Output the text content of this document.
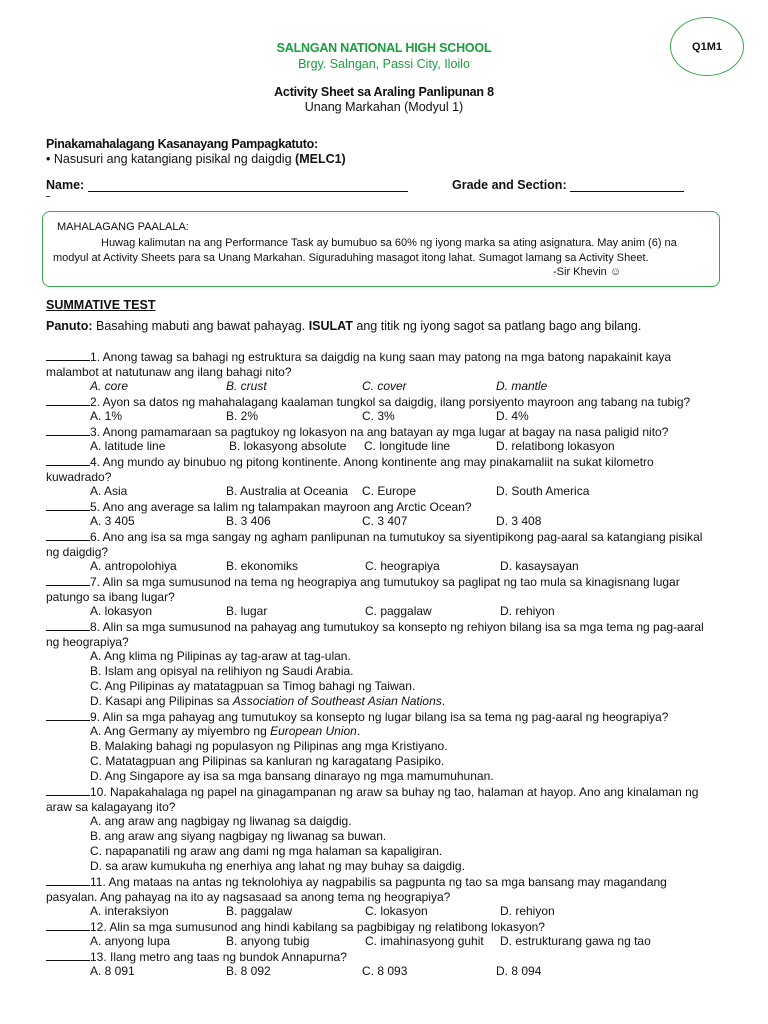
SALNGAN NATIONAL HIGH SCHOOL
Brgy. Salngan, Passi City, Iloilo
Activity Sheet sa Araling Panlipunan 8
Unang Markahan (Modyul 1)
Q1M1
Pinakamahalagang Kasanayang Pampagkatuto:
• Nasusuri ang katangiang pisikal ng daigdig (MELC1)
Name:	Grade and Section:
MAHALAGANG PAALALA:

Huwag kalimutan na ang Performance Task ay bumubuo sa 60% ng iyong marka sa ating asignatura. May anim (6) na

modyul at Activity Sheets para sa Unang Markahan. Siguraduhing masagot itong lahat. Sumagot lamang sa Activity Sheet.

-Sir Khevin ☺
SUMMATIVE TEST
Panuto: Basahing mabuti ang bawat pahayag. ISULAT ang titik ng iyong sagot sa patlang bago ang bilang.
1. Anong tawag sa bahagi ng estruktura sa daigdig na kung saan may patong na mga batong napakainit kaya
malambot at natutunaw ang ilang bahagi nito?
A. core	B. crust	C. cover	D. mantle
2. Ayon sa datos ng mahahalagang kaalaman tungkol sa daigdig, ilang porsiyento mayroon ang tabang na tubig?
A. 1%	B. 2%	C. 3%	D. 4%
3. Anong pamamaraan sa pagtukoy ng lokasyon na ang batayan ay mga lugar at bagay na nasa paligid nito?
A. latitude line	B. lokasyong absolute C. longitude line	D. relatibong lokasyon
4. Ang mundo ay binubuo ng pitong kontinente. Anong kontinente ang may pinakamaliit na sukat kilometro
kuwadrado?
A. Asia	B. Australia at Oceania C. Europe	D. South America
5. Ano ang average sa lalim ng talampakan mayroon ang Arctic Ocean?
A. 3 405	B. 3 406	C. 3 407	D. 3 408
6. Ano ang isa sa mga sangay ng agham panlipunan na tumutukoy sa siyentipikong pag-aaral sa katangiang pisikal
ng daigdig?
A. antropolohiya	B. ekonomiks	C. heograpiya	D. kasaysayan
7. Alin sa mga sumusunod na tema ng heograpiya ang tumutukoy sa paglipat ng tao mula sa kinagisnang lugar
patungo sa ibang lugar?
A. lokasyon	B. lugar	C. paggalaw	D. rehiyon
8. Alin sa mga sumusunod na pahayag ang tumutukoy sa konsepto ng rehiyon bilang isa sa mga tema ng pag-aaral
ng heograpiya?
A. Ang klima ng Pilipinas ay tag-araw at tag-ulan.
B. Islam ang opisyal na relihiyon ng Saudi Arabia.
C. Ang Pilipinas ay matatagpuan sa Timog bahagi ng Taiwan.
D. Kasapi ang Pilipinas sa Association of Southeast Asian Nations.
9. Alin sa mga pahayag ang tumutukoy sa konsepto ng lugar bilang isa sa tema ng pag-aaral ng heograpiya?
A. Ang Germany ay miyembro ng European Union.
B. Malaking bahagi ng populasyon ng Pilipinas ang mga Kristiyano.
C. Matatagpuan ang Pilipinas sa kanluran ng karagatang Pasipiko.
D. Ang Singapore ay isa sa mga bansang dinarayo ng mga mamumuhunan.
10. Napakahalaga ng papel na ginagampanan ng araw sa buhay ng tao, halaman at hayop. Ano ang kinalaman ng
araw sa kalagayang ito?
A. ang araw ang nagbigay ng liwanag sa daigdig.
B. ang araw ang siyang nagbigay ng liwanag sa buwan.
C. napapanatili ng araw ang dami ng mga halaman sa kapaligiran.
D. sa araw kumukuha ng enerhiya ang lahat ng may buhay sa daigdig.
11. Ang mataas na antas ng teknolohiya ay nagpabilis sa pagpunta ng tao sa mga bansang may magandang
pasyalan. Ang pahayag na ito ay nagsasaad sa anong tema ng heograpiya?
A. interaksiyon	B. paggalaw	C. lokasyon	D. rehiyon
12. Alin sa mga sumusunod ang hindi kabilang sa pagbibigay ng relatibong lokasyon?
A. anyong lupa	B. anyong tubig	C. imahinasyong guhit D. estrukturang gawa ng tao
13. Ilang metro ang taas ng bundok Annapurna?
A. 8 091	B. 8 092	C. 8 093	D. 8 094
